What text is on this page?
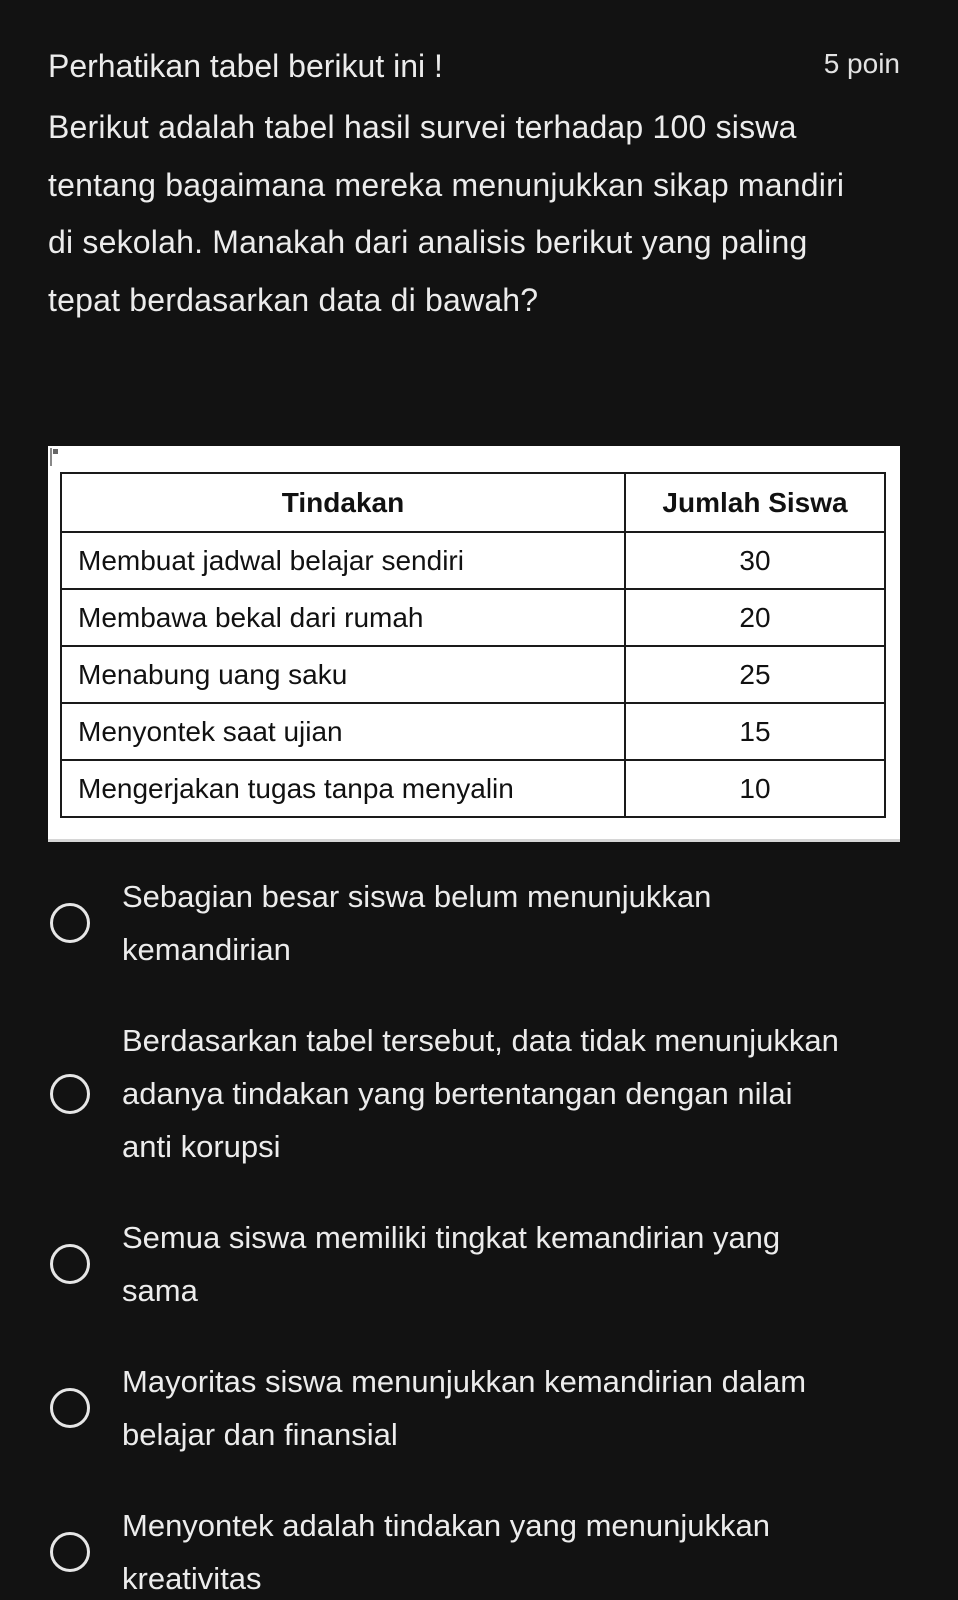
Perhatikan tabel berikut ini !	5 poin
Berikut adalah tabel hasil survei terhadap 100 siswa tentang bagaimana mereka menunjukkan sikap mandiri di sekolah. Manakah dari analisis berikut yang paling tepat berdasarkan data di bawah?
Tindakan	Jumlah Siswa
Membuat jadwal belajar sendiri	30
Membawa bekal dari rumah	20
Menabung uang saku	25
Menyontek saat ujian	15
Mengerjakan tugas tanpa menyalin	10
Sebagian besar siswa belum menunjukkan kemandirian
Berdasarkan tabel tersebut, data tidak menunjukkan adanya tindakan yang bertentangan dengan nilai anti korupsi
Semua siswa memiliki tingkat kemandirian yang sama
Mayoritas siswa menunjukkan kemandirian dalam belajar dan finansial
Menyontek adalah tindakan yang menunjukkan kreativitas
